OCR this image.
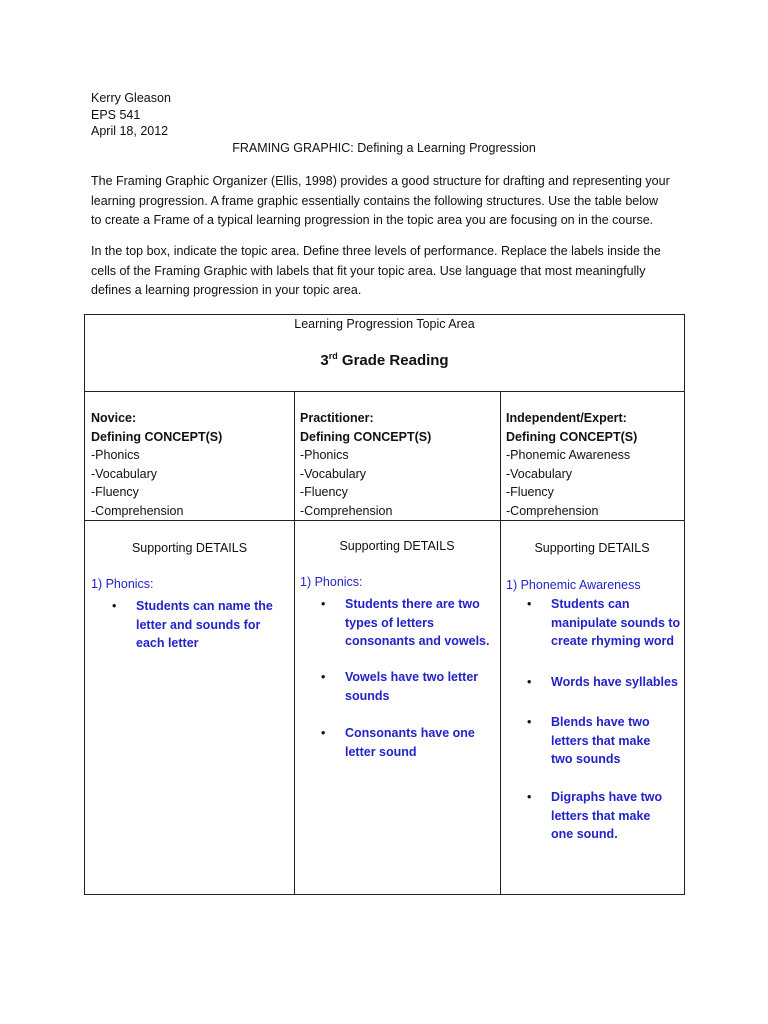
Kerry Gleason
EPS 541
April 18, 2012
FRAMING GRAPHIC: Defining a Learning Progression
The Framing Graphic Organizer (Ellis, 1998) provides a good structure for drafting and representing your
learning progression. A frame graphic essentially contains the following structures. Use the table below
to create a Frame of a typical learning progression in the topic area you are focusing on in the course.
In the top box, indicate the topic area. Define three levels of performance. Replace the labels inside the
cells of the Framing Graphic with labels that fit your topic area. Use language that most meaningfully
defines a learning progression in your topic area.
Learning Progression Topic Area
3rd Grade Reading
Novice:
Defining CONCEPT(S)
-Phonics
-Vocabulary
-Fluency
-Comprehension
Supporting DETAILS
1) Phonics:
• Students can name the
letter and sounds for
each letter
Practitioner:
Defining CONCEPT(S)
-Phonics
-Vocabulary
-Fluency
-Comprehension
Supporting DETAILS
1) Phonics:
• Students there are two
types of letters
consonants and vowels.
• Vowels have two letter
sounds
• Consonants have one
letter sound
Independent/Expert:
Defining CONCEPT(S)
-Phonemic Awareness
-Vocabulary
-Fluency
-Comprehension
Supporting DETAILS
1) Phonemic Awareness
• Students can
manipulate sounds to
create rhyming word
• Words have syllables
• Blends have two
letters that make
two sounds
• Digraphs have two
letters that make
one sound.
